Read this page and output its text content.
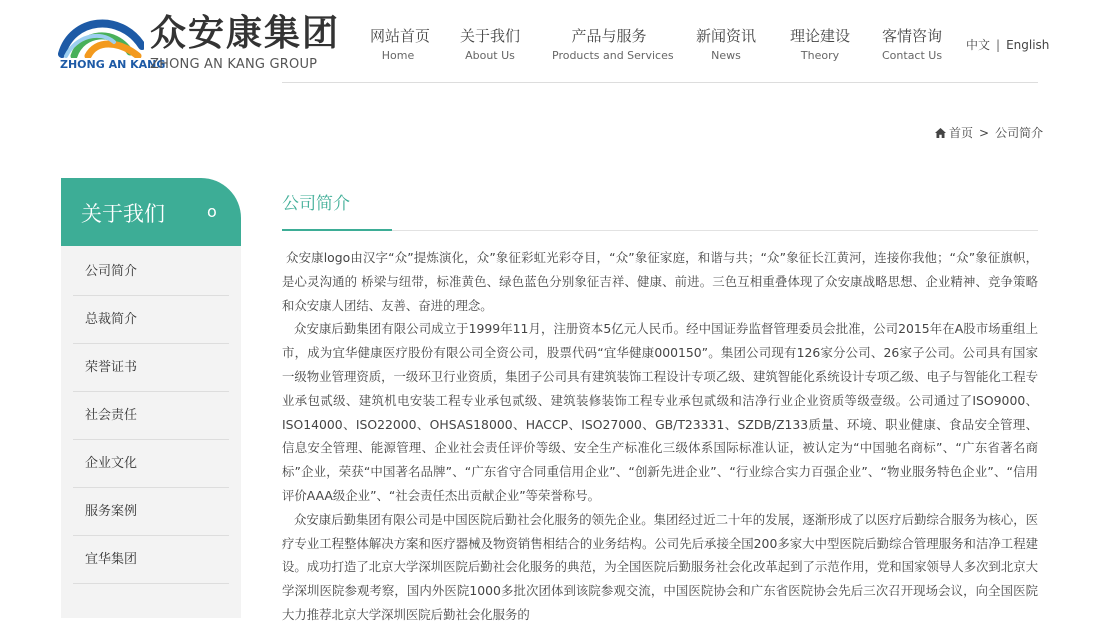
ZHONG AN KANG
众安康集团
ZHONG AN KANG GROUP
网站首页
Home
关于我们
About Us
产品与服务
Products and Services
新闻资讯
News
理论建设
Theory
客情咨询
Contact Us
中文 | English
首页 > 公司简介
关于我们	o
公司简介
总裁简介
荣誉证书
社会责任
企业文化
服务案例
宜华集团
公司简介

众安康logo由汉字“众”提炼演化，众”象征彩虹光彩夺目，“众”象征家庭，和谐与共；“众”象征长江黄河，连接你我他；“众”象征旗帜，是心灵沟通的 桥梁与纽带，标准黄色、绿色蓝色分别象征吉祥、健康、前进。三色互相重叠体现了众安康战略思想、企业精神、竞争策略和众安康人团结、友善、奋进的理念。

众安康后勤集团有限公司成立于1999年11月，注册资本5亿元人民币。经中国证券监督管理委员会批准，公司2015年在A股市场重组上市，成为宜华健康医疗股份有限公司全资公司，股票代码“宜华健康000150”。集团公司现有126家分公司、26家子公司。公司具有国家一级物业管理资质，一级环卫行业资质，集团子公司具有建筑装饰工程设计专项乙级、建筑智能化系统设计专项乙级、电子与智能化工程专业承包贰级、建筑机电安装工程专业承包贰级、建筑装修装饰工程专业承包贰级和洁净行业企业资质等级壹级。公司通过了ISO9000、ISO14000、ISO22000、OHSAS18000、HACCP、ISO27000、GB/T23331、SZDB/Z133质量、环境、职业健康、食品安全管理、信息安全管理、能源管理、企业社会责任评价等级、安全生产标准化三级体系国际标准认证，被认定为“中国驰名商标”、“广东省著名商标”企业，荣获“中国著名品牌”、“广东省守合同重信用企业”、“创新先进企业”、“行业综合实力百强企业”、“物业服务特色企业”、“信用评价AAA级企业”、“社会责任杰出贡献企业”等荣誉称号。

众安康后勤集团有限公司是中国医院后勤社会化服务的领先企业。集团经过近二十年的发展，逐渐形成了以医疗后勤综合服务为核心，医疗专业工程整体解决方案和医疗器械及物资销售相结合的业务结构。公司先后承接全国200多家大中型医院后勤综合管理服务和洁净工程建设。成功打造了北京大学深圳医院后勤社会化服务的典范，为全国医院后勤服务社会化改革起到了示范作用，党和国家领导人多次到北京大学深圳医院参观考察，国内外医院1000多批次团体到该院参观交流，中国医院协会和广东省医院协会先后三次召开现场会议，向全国医院大力推荐北京大学深圳医院后勤社会化服务的
